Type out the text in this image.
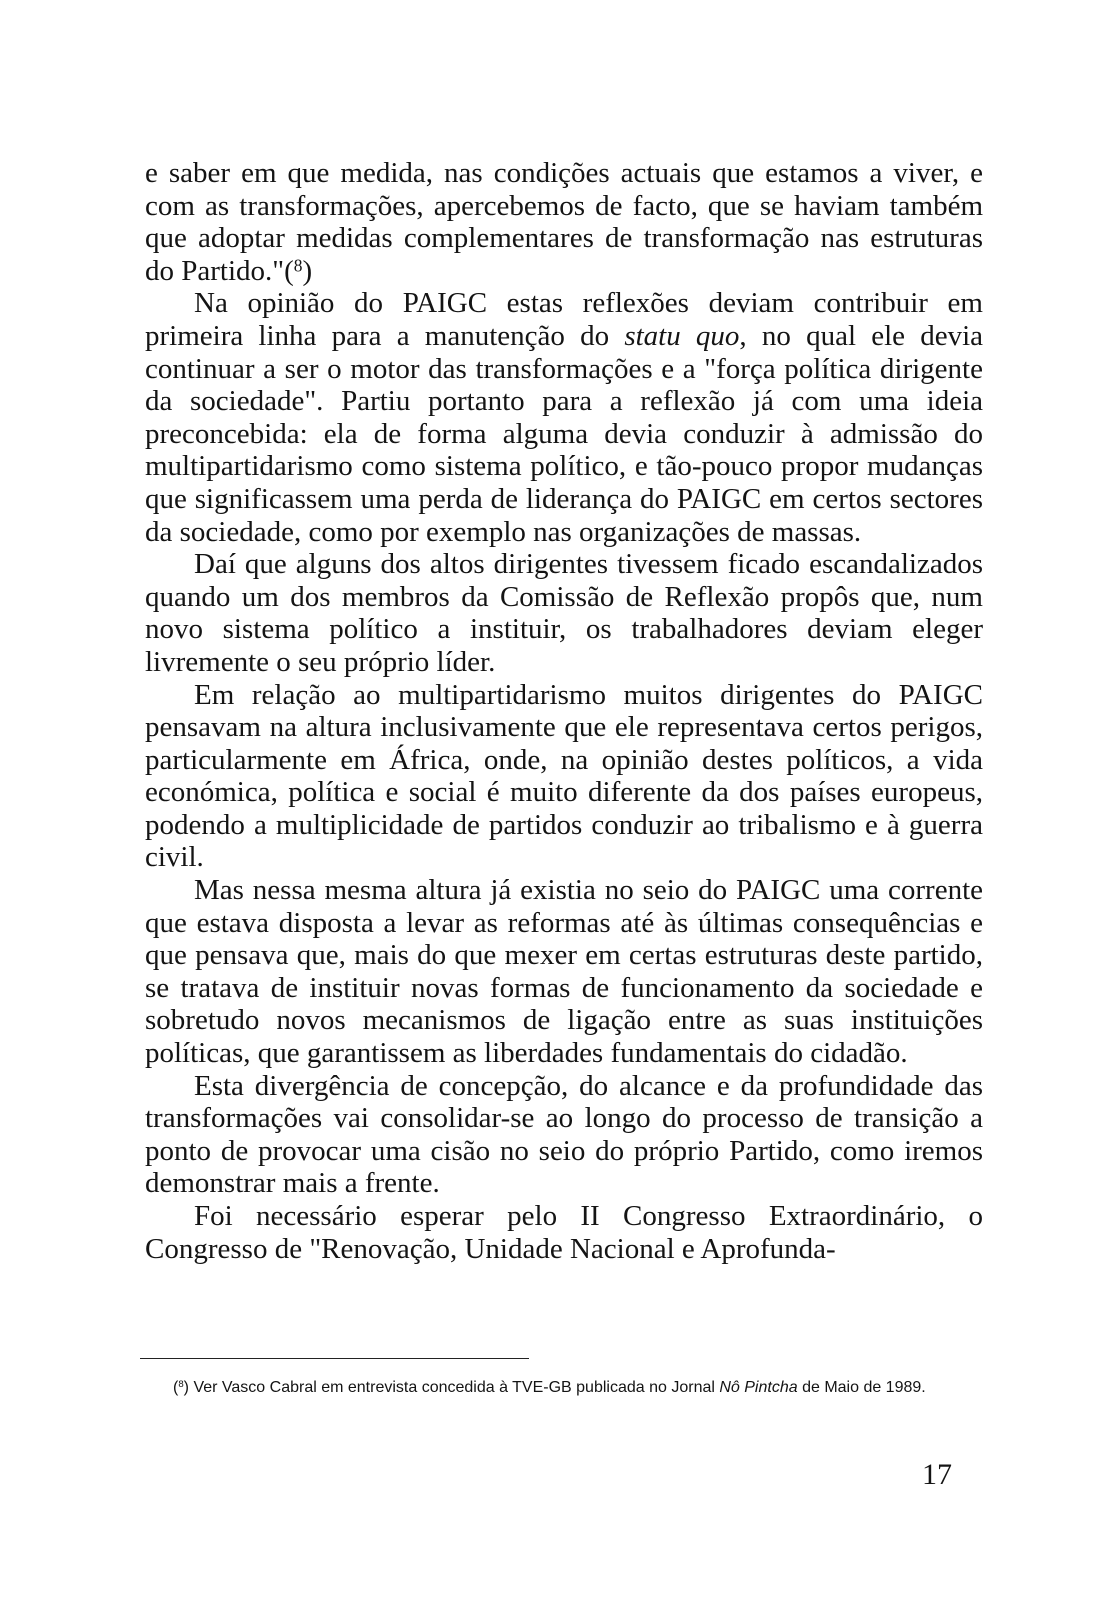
e saber em que medida, nas condições actuais que estamos a viver, e com as transformações, apercebemos de facto, que se haviam também que adoptar medidas complementares de transformação nas estruturas do Partido."($^8$)

Na opinião do PAIGC estas reflexões deviam contribuir em primeira linha para a manutenção do statu quo, no qual ele devia continuar a ser o motor das transformações e a "força política dirigente da sociedade". Partiu portanto para a reflexão já com uma ideia preconcebida: ela de forma alguma devia conduzir à admissão do multipartidarismo como sistema político, e tão-pouco propor mudanças que significassem uma perda de liderança do PAIGC em certos sectores da sociedade, como por exemplo nas organizações de massas.

Daí que alguns dos altos dirigentes tivessem ficado escandalizados quando um dos membros da Comissão de Reflexão propôs que, num novo sistema político a instituir, os trabalhadores deviam eleger livremente o seu próprio líder.

Em relação ao multipartidarismo muitos dirigentes do PAIGC pensavam na altura inclusivamente que ele representava certos perigos, particularmente em África, onde, na opinião destes políticos, a vida económica, política e social é muito diferente da dos países europeus, podendo a multiplicidade de partidos conduzir ao tribalismo e à guerra civil.

Mas nessa mesma altura já existia no seio do PAIGC uma corrente que estava disposta a levar as reformas até às últimas consequências e que pensava que, mais do que mexer em certas estruturas deste partido, se tratava de instituir novas formas de funcionamento da sociedade e sobretudo novos mecanismos de ligação entre as suas instituições políticas, que garantissem as liberdades fundamentais do cidadão.

Esta divergência de concepção, do alcance e da profundidade das transformações vai consolidar-se ao longo do processo de transição a ponto de provocar uma cisão no seio do próprio Partido, como iremos demonstrar mais a frente.

Foi necessário esperar pelo II Congresso Extraordinário, o Congresso de "Renovação, Unidade Nacional e Aprofunda-

($^8$) Ver Vasco Cabral em entrevista concedida à TVE-GB publicada no Jornal Nô Pintcha de Maio de 1989.
17
